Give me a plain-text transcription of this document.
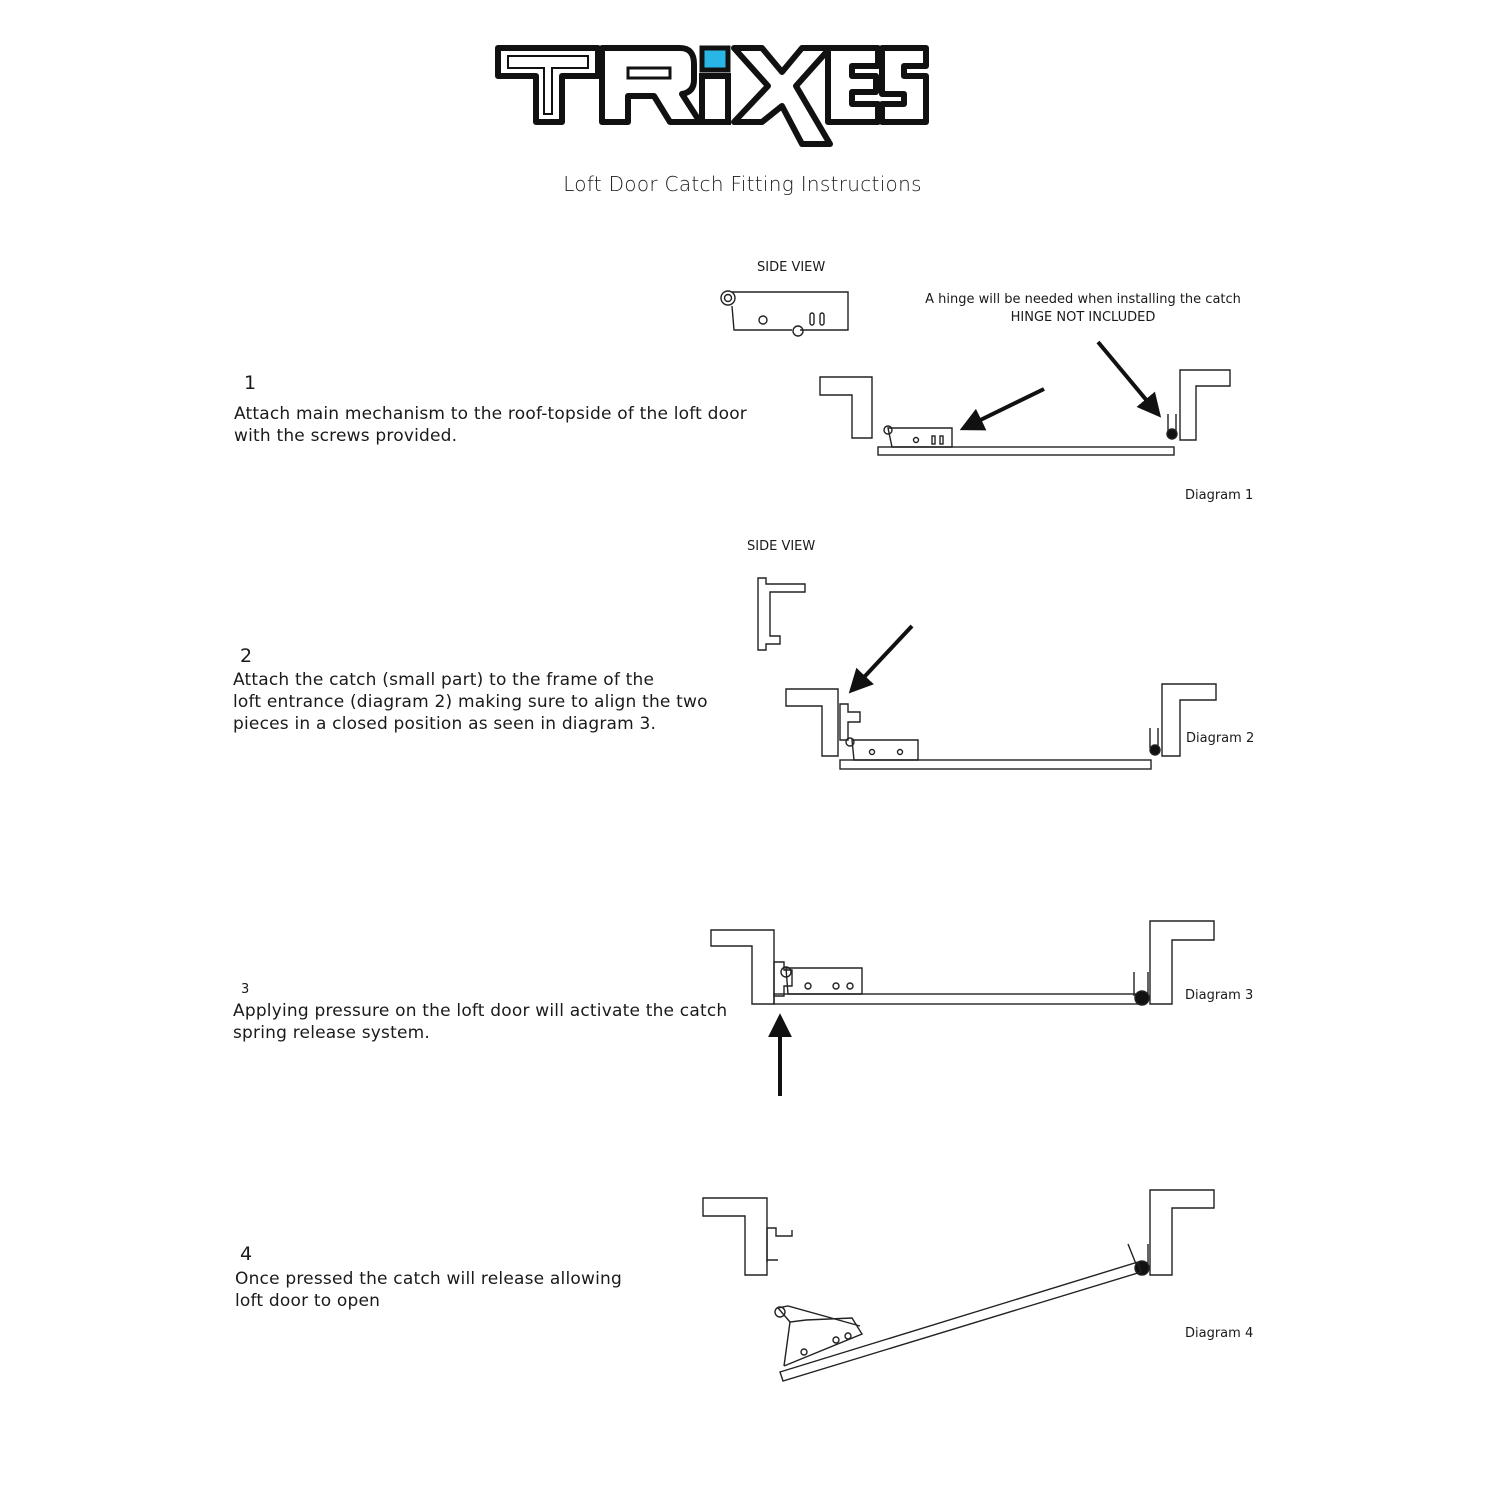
TRiXES
Loft Door Catch Fitting Instructions
1
Attach main mechanism to the roof-topside of the loft door
with the screws provided.
2
Attach the catch (small part) to the frame of the
loft entrance (diagram 2) making sure to align the two
pieces in a closed position as seen in diagram 3.
3
Applying pressure on the loft door will activate the catch
spring release system.
4
Once pressed the catch will release allowing
loft door to open
SIDE VIEW
A hinge will be needed when installing the catch
HINGE NOT INCLUDED
Diagram 1
SIDE VIEW
Diagram 2
Diagram 3
Diagram 4
